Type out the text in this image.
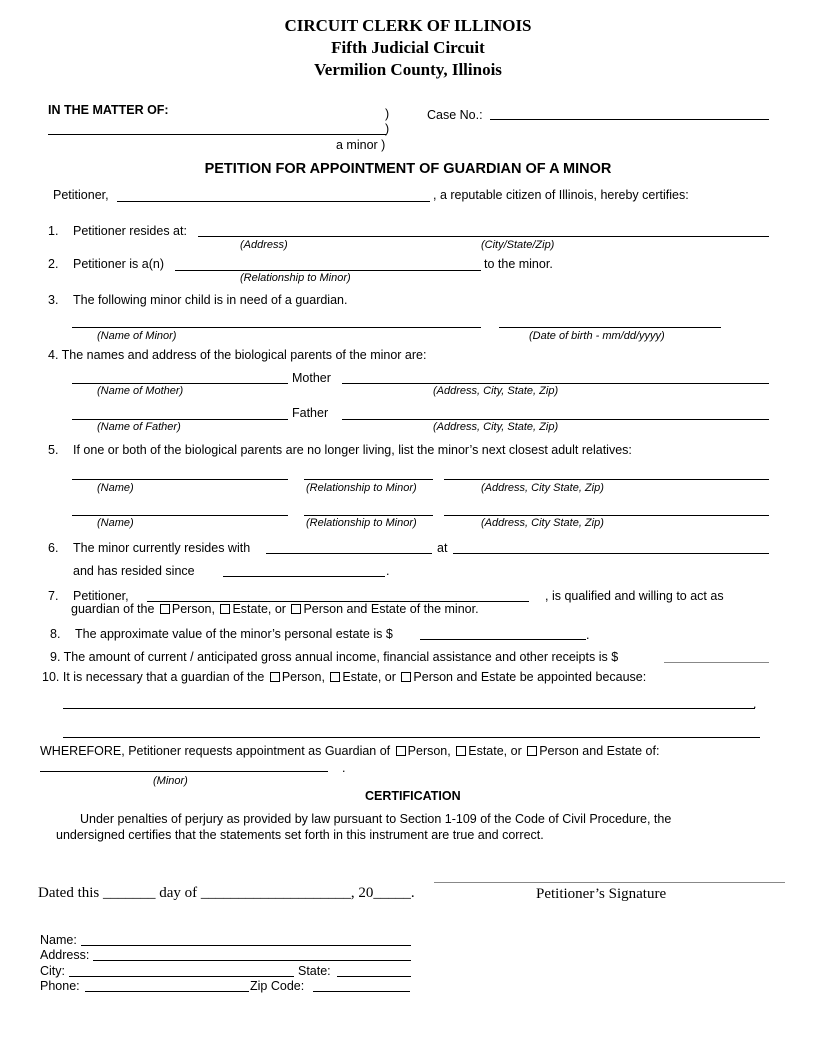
CIRCUIT CLERK OF ILLINOIS
Fifth Judicial Circuit
Vermilion County, Illinois
IN THE MATTER OF:	)
)
a minor )
Case No.:
PETITION FOR APPOINTMENT OF GUARDIAN OF A MINOR
Petitioner,	, a reputable citizen of Illinois, hereby certifies:
1. Petitioner resides at:
(Address)	(City/State/Zip)
2. Petitioner is a(n)	to the minor.
(Relationship to Minor)
3. The following minor child is in need of a guardian.
(Name of Minor)	(Date of birth - mm/dd/yyyy)
4. The names and address of the biological parents of the minor are:
Mother
(Name of Mother)	(Address, City, State, Zip)
Father
(Name of Father)	(Address, City, State, Zip)
5. If one or both of the biological parents are no longer living, list the minor’s next closest adult relatives:
(Name)	(Relationship to Minor)	(Address, City State, Zip)
(Name)	(Relationship to Minor)	(Address, City State, Zip)
6. The minor currently resides with	at
and has resided since	.
7. Petitioner,	, is qualified and willing to act as
guardian of the Person, Estate, or Person and Estate of the minor.
8. The approximate value of the minor’s personal estate is $	.
9. The amount of current / anticipated gross annual income, financial assistance and other receipts is $
10. It is necessary that a guardian of the Person, Estate, or Person and Estate be appointed because:
.
WHEREFORE, Petitioner requests appointment as Guardian of Person, Estate, or Person and Estate of:
.
(Minor)
CERTIFICATION
Under penalties of perjury as provided by law pursuant to Section 1-109 of the Code of Civil Procedure, the
undersigned certifies that the statements set forth in this instrument are true and correct.
Dated this _______ day of ____________________, 20_____.	Petitioner’s Signature
Name:
Address:
City:	State:
Phone:	Zip Code:
